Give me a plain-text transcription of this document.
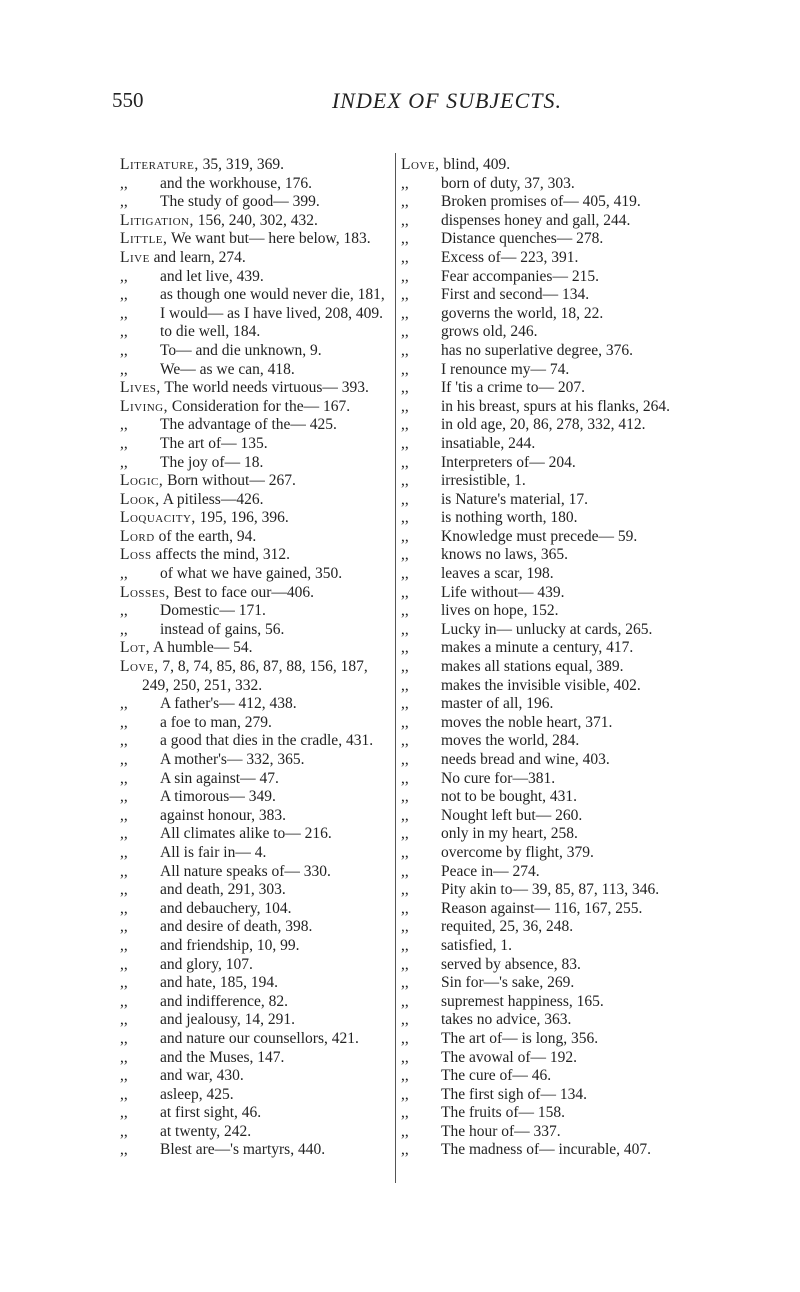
550	INDEX OF SUBJECTS.
Literature, 35, 319, 369.
,, and the workhouse, 176.
,, The study of good— 399.
Litigation, 156, 240, 302, 432.
Little, We want but— here below, 183.
Live and learn, 274.
,, and let live, 439.
,, as though one would never die, 181,
,, I would— as I have lived, 208, 409.
,, to die well, 184.
,, To— and die unknown, 9.
,, We— as we can, 418.
Lives, The world needs virtuous— 393.
Living, Consideration for the— 167.
,, The advantage of the— 425.
,, The art of— 135.
,, The joy of— 18.
Logic, Born without— 267.
Look, A pitiless—426.
Loquacity, 195, 196, 396.
Lord of the earth, 94.
Loss affects the mind, 312.
,, of what we have gained, 350.
Losses, Best to face our—406.
,, Domestic— 171.
,, instead of gains, 56.
Lot, A humble— 54.
Love, 7, 8, 74, 85, 86, 87, 88, 156, 187, 249, 250, 251, 332.
,, A father's— 412, 438.
,, a foe to man, 279.
,, a good that dies in the cradle, 431.
,, A mother's— 332, 365.
,, A sin against— 47.
,, A timorous— 349.
,, against honour, 383.
,, All climates alike to— 216.
,, All is fair in— 4.
,, All nature speaks of— 330.
,, and death, 291, 303.
,, and debauchery, 104.
,, and desire of death, 398.
,, and friendship, 10, 99.
,, and glory, 107.
,, and hate, 185, 194.
,, and indifference, 82.
,, and jealousy, 14, 291.
,, and nature our counsellors, 421.
,, and the Muses, 147.
,, and war, 430.
,, asleep, 425.
,, at first sight, 46.
,, at twenty, 242.
,, Blest are—'s martyrs, 440.
Love, blind, 409.
,, born of duty, 37, 303.
,, Broken promises of— 405, 419.
,, dispenses honey and gall, 244.
,, Distance quenches— 278.
,, Excess of— 223, 391.
,, Fear accompanies— 215.
,, First and second— 134.
,, governs the world, 18, 22.
,, grows old, 246.
,, has no superlative degree, 376.
,, I renounce my— 74.
,, If 'tis a crime to— 207.
,, in his breast, spurs at his flanks, 264.
,, in old age, 20, 86, 278, 332, 412.
,, insatiable, 244.
,, Interpreters of— 204.
,, irresistible, 1.
,, is Nature's material, 17.
,, is nothing worth, 180.
,, Knowledge must precede— 59.
,, knows no laws, 365.
,, leaves a scar, 198.
,, Life without— 439.
,, lives on hope, 152.
,, Lucky in— unlucky at cards, 265.
,, makes a minute a century, 417.
,, makes all stations equal, 389.
,, makes the invisible visible, 402.
,, master of all, 196.
,, moves the noble heart, 371.
,, moves the world, 284.
,, needs bread and wine, 403.
,, No cure for—381.
,, not to be bought, 431.
,, Nought left but— 260.
,, only in my heart, 258.
,, overcome by flight, 379.
,, Peace in— 274.
,, Pity akin to— 39, 85, 87, 113, 346.
,, Reason against— 116, 167, 255.
,, requited, 25, 36, 248.
,, satisfied, 1.
,, served by absence, 83.
,, Sin for—'s sake, 269.
,, supremest happiness, 165.
,, takes no advice, 363.
,, The art of— is long, 356.
,, The avowal of— 192.
,, The cure of— 46.
,, The first sigh of— 134.
,, The fruits of— 158.
,, The hour of— 337.
,, The madness of— incurable, 407.
